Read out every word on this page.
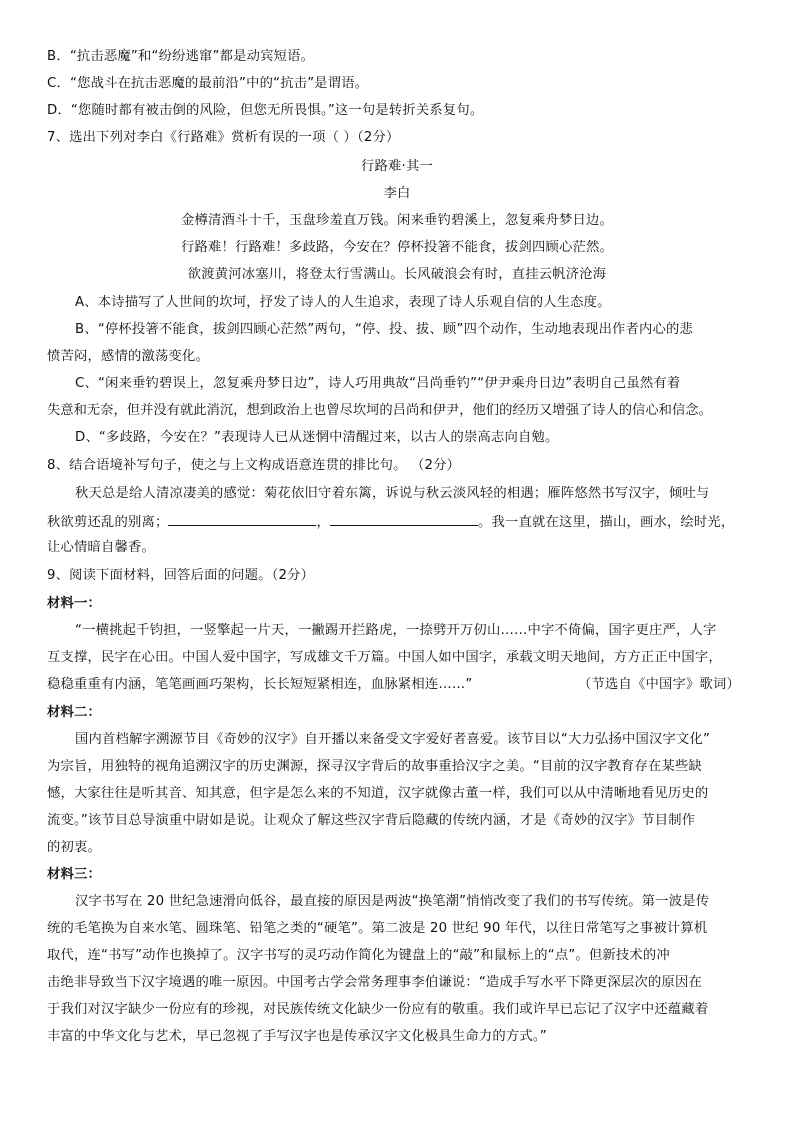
B．“抗击恶魔”和“纷纷逃窜”都是动宾短语。
C．“您战斗在抗击恶魔的最前沿”中的“抗击”是谓语。
D．“您随时都有被击倒的风险，但您无所畏惧。”这一句是转折关系复句。
7、选出下列对李白《行路难》赏析有误的一项（ ）（2分）
行路难·其一
李白
金樽清酒斗十千，玉盘珍羞直万钱。闲来垂钓碧溪上，忽复乘舟梦日边。
行路难！行路难！多歧路，今安在？停杯投箸不能食，拔剑四顾心茫然。
欲渡黄河冰塞川，将登太行雪满山。长风破浪会有时，直挂云帆济沧海
A、本诗描写了人世间的坎坷，抒发了诗人的人生追求，表现了诗人乐观自信的人生态度。
B、“停杯投箸不能食，拔剑四顾心茫然”两句，“停、投、拔、顾”四个动作，生动地表现出作者内心的悲
愤苦闷，感情的激荡变化。
C、“闲来垂钓碧误上，忽复乘舟梦日边”，诗人巧用典故“吕尚垂钓”“伊尹乘舟日边”表明自己虽然有着
失意和无奈，但并没有就此消沉，想到政治上也曾尽坎坷的吕尚和伊尹，他们的经历又增强了诗人的信心和信念。
D、“多歧路，今安在？”表现诗人已从迷惘中清醒过来，以古人的崇高志向自勉。
8、结合语境补写句子，使之与上文构成语意连贯的排比句。 （2分）
秋天总是给人清凉凄美的感觉：菊花依旧守着东篱，诉说与秋云淡风轻的相遇；雁阵悠然书写汉字，倾吐与
秋欲剪还乱的别离；	，	。我一直就在这里，描山，画水，绘时光，
让心情暗自馨香。
9、阅读下面材料，回答后面的问题。（2分）
材料一：
“一横挑起千钧担，一竖擎起一片天，一撇踢开拦路虎，一捺劈开万仞山……中字不倚偏，国字更庄严，人字
互支撑，民字在心田。中国人爱中国字，写成雄文千万篇。中国人如中国字，承载文明天地间，方方正正中国字，
稳稳重重有内涵，笔笔画画巧架构，长长短短紧相连，血脉紧相连……”	（节选自《中国字》歌词）
材料二：
国内首档解字溯源节目《奇妙的汉字》自开播以来备受文字爱好者喜爱。该节目以“大力弘扬中国汉字文化”
为宗旨，用独特的视角追溯汉字的历史渊源，探寻汉字背后的故事重拾汉字之美。“目前的汉字教育存在某些缺
憾，大家往往是听其音、知其意，但字是怎么来的不知道，汉字就像古董一样，我们可以从中清晰地看见历史的
流变。”该节目总导演重中尉如是说。让观众了解这些汉字背后隐藏的传统内涵，才是《奇妙的汉字》节目制作
的初衷。
材料三：
汉字书写在 20 世纪急速滑向低谷，最直接的原因是两波“换笔潮”悄悄改变了我们的书写传统。第一波是传
统的毛笔换为自来水笔、圆珠笔、铅笔之类的“硬笔”。第二波是 20 世纪 90 年代，以往日常笔写之事被计算机
取代，连“书写”动作也換掉了。汉字书写的灵巧动作简化为键盘上的“敲”和鼠标上的“点”。但新技术的冲
击绝非导致当下汉字境遇的唯一原因。中国考古学会常务理事李伯谦说：“造成手写水平下降更深层次的原因在
于我们对汉字缺少一份应有的珍视，对民族传统文化缺少一份应有的敬重。我们或许早已忘记了汉字中还蕴藏着
丰富的中华文化与艺术，早已忽视了手写汉字也是传承汉字文化极具生命力的方式。”
